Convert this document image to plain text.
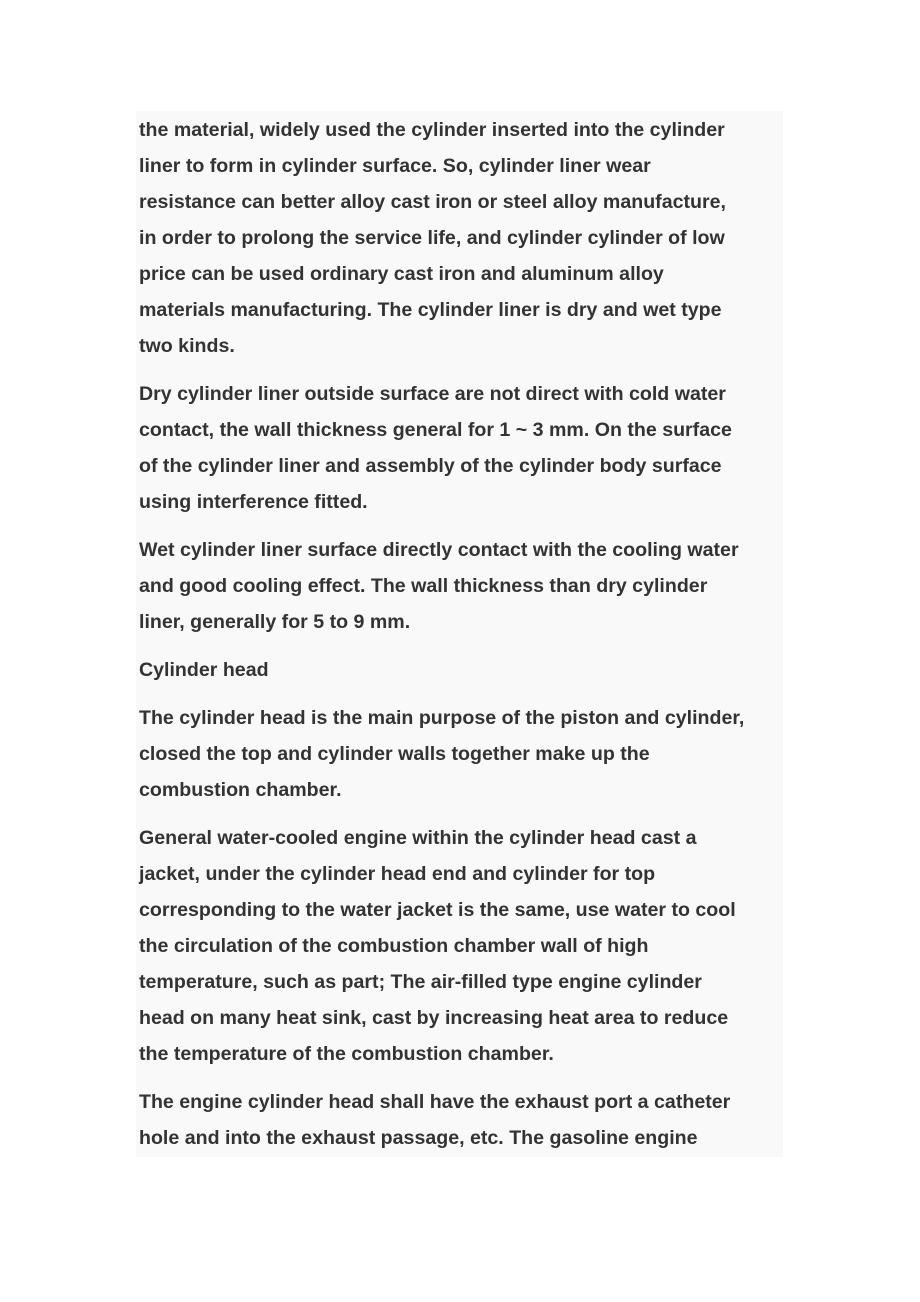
the material, widely used the cylinder inserted into the cylinder
liner to form in cylinder surface. So, cylinder liner wear
resistance can better alloy cast iron or steel alloy manufacture,
in order to prolong the service life, and cylinder cylinder of low
price can be used ordinary cast iron and aluminum alloy
materials manufacturing. The cylinder liner is dry and wet type
two kinds.

Dry cylinder liner outside surface are not direct with cold water
contact, the wall thickness general for 1 ~ 3 mm. On the surface
of the cylinder liner and assembly of the cylinder body surface
using interference fitted.

Wet cylinder liner surface directly contact with the cooling water
and good cooling effect. The wall thickness than dry cylinder
liner, generally for 5 to 9 mm.

Cylinder head

The cylinder head is the main purpose of the piston and cylinder,
closed the top and cylinder walls together make up the
combustion chamber.

General water-cooled engine within the cylinder head cast a
jacket, under the cylinder head end and cylinder for top
corresponding to the water jacket is the same, use water to cool
the circulation of the combustion chamber wall of high
temperature, such as part; The air-filled type engine cylinder
head on many heat sink, cast by increasing heat area to reduce
the temperature of the combustion chamber.

The engine cylinder head shall have the exhaust port a catheter
hole and into the exhaust passage, etc. The gasoline engine
